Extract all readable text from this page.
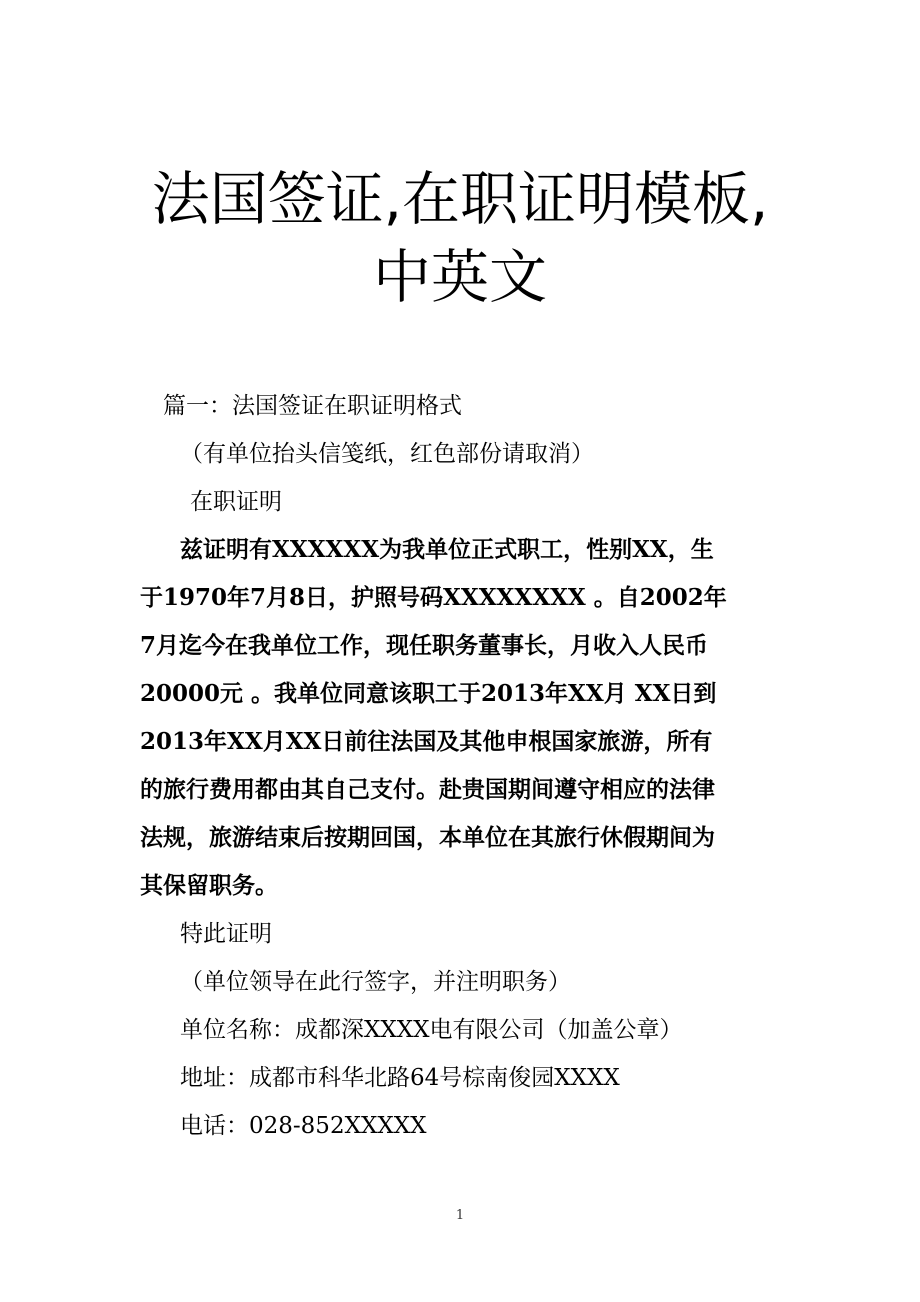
法国签证,在职证明模板,
中英文
篇一：法国签证在职证明格式
（有单位抬头信笺纸，红色部份请取消）
在职证明
兹证明有XXXXXX为我单位正式职工，性别XX，生
于1970年7月8日，护照号码XXXXXXXX 。自2002年
7月迄今在我单位工作，现任职务董事长，月收入人民币
20000元 。我单位同意该职工于2013年XX月 XX日到
2013年XX月XX日前往法国及其他申根国家旅游，所有
的旅行费用都由其自己支付。赴贵国期间遵守相应的法律
法规，旅游结束后按期回国，本单位在其旅行休假期间为
其保留职务。
特此证明
（单位领导在此行签字，并注明职务）
单位名称：成都深XXXX电有限公司（加盖公章）
地址：成都市科华北路64号棕南俊园XXXX
电话：028-852XXXXX
1
